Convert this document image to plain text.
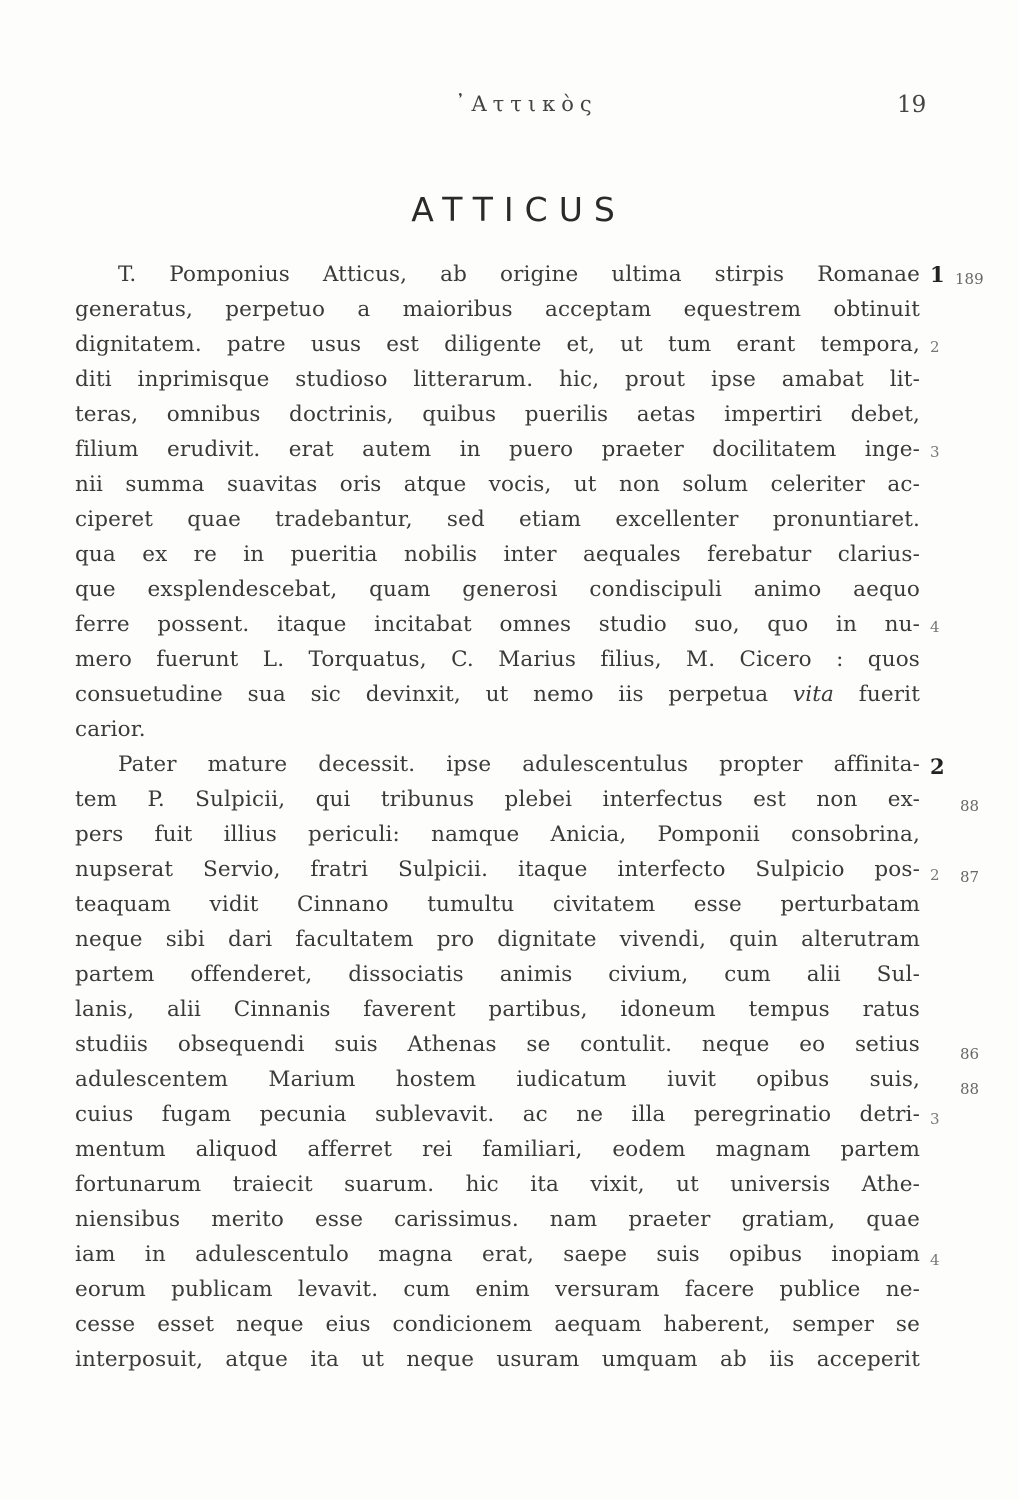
᾿Αττικὸς	19
ATTICUS
T. Pomponius Atticus, ab origine ultima stirpis Romanae
generatus, perpetuo a maioribus acceptam equestrem obtinuit
dignitatem. patre usus est diligente et, ut tum erant tempora,
diti inprimisque studioso litterarum. hic, prout ipse amabat lit-
teras, omnibus doctrinis, quibus puerilis aetas impertiri debet,
filium erudivit. erat autem in puero praeter docilitatem inge-
nii summa suavitas oris atque vocis, ut non solum celeriter ac-
ciperet quae tradebantur, sed etiam excellenter pronuntiaret.
qua ex re in pueritia nobilis inter aequales ferebatur clarius-
que exsplendescebat, quam generosi condiscipuli animo aequo
ferre possent. itaque incitabat omnes studio suo, quo in nu-
mero fuerunt L. Torquatus, C. Marius filius, M. Cicero : quos
consuetudine sua sic devinxit, ut nemo iis perpetua vita fuerit
carior.
Pater mature decessit. ipse adulescentulus propter affinita-
tem P. Sulpicii, qui tribunus plebei interfectus est non ex-
pers fuit illius periculi: namque Anicia, Pomponii consobrina,
nupserat Servio, fratri Sulpicii. itaque interfecto Sulpicio pos-
teaquam vidit Cinnano tumultu civitatem esse perturbatam
neque sibi dari facultatem pro dignitate vivendi, quin alterutram
partem offenderet, dissociatis animis civium, cum alii Sul-
lanis, alii Cinnanis faverent partibus, idoneum tempus ratus
studiis obsequendi suis Athenas se contulit. neque eo setius
adulescentem Marium hostem iudicatum iuvit opibus suis,
cuius fugam pecunia sublevavit. ac ne illa peregrinatio detri-
mentum aliquod afferret rei familiari, eodem magnam partem
fortunarum traiecit suarum. hic ita vixit, ut universis Athe-
niensibus merito esse carissimus. nam praeter gratiam, quae
iam in adulescentulo magna erat, saepe suis opibus inopiam
eorum publicam levavit. cum enim versuram facere publice ne-
cesse esset neque eius condicionem aequam haberent, semper se
interposuit, atque ita ut neque usuram umquam ab iis acceperit
1 189
2
3
4
2
88
2 87
86
88
3
4
